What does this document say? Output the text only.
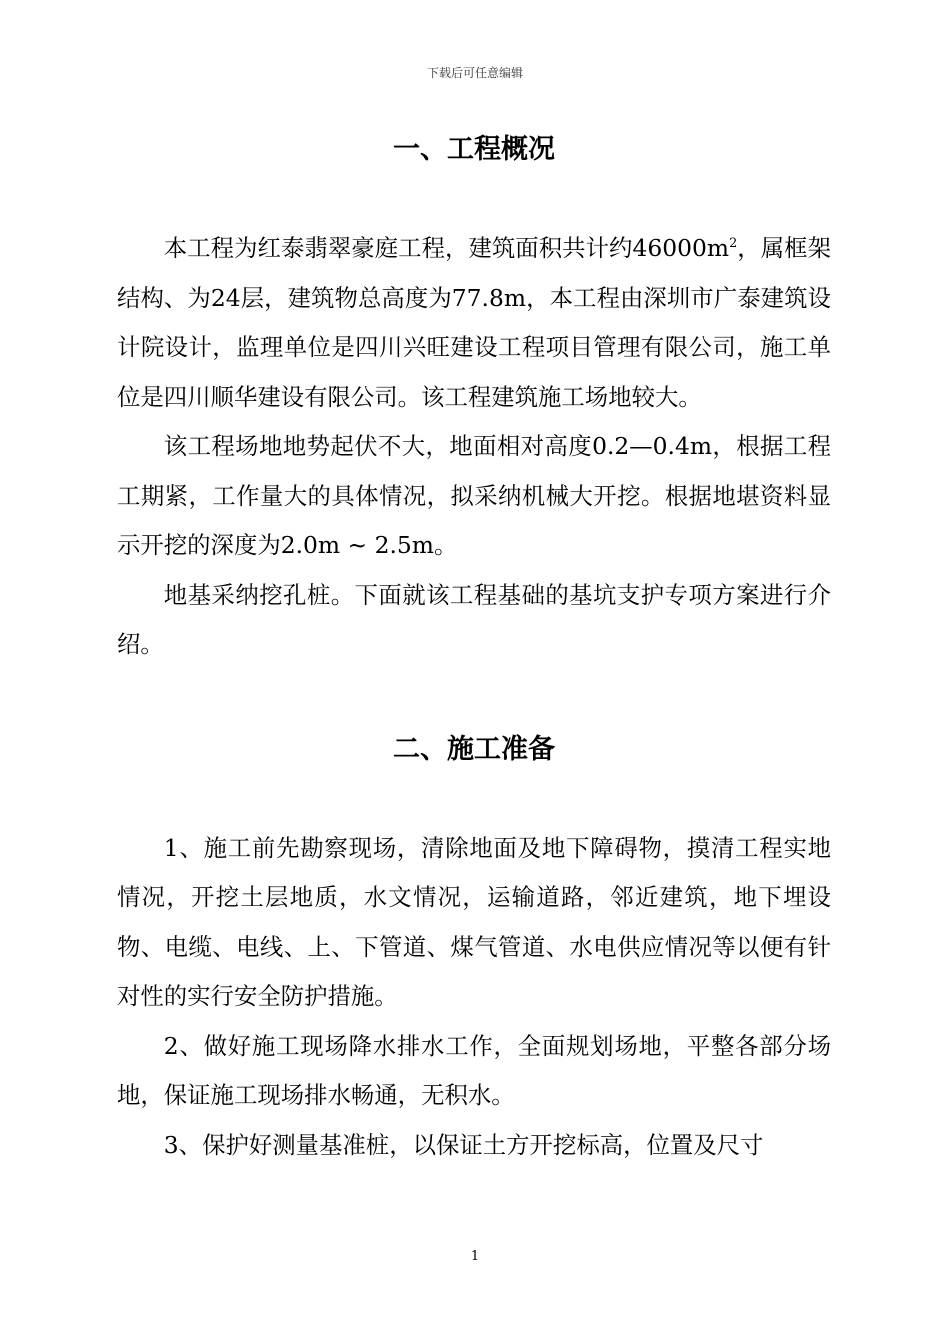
下载后可任意编辑
一、工程概况

本工程为红泰翡翠豪庭工程，建筑面积共计约$46000m^2$，属框架结构、为24层，建筑物总高度为77.8m，本工程由深圳市广泰建筑设计院设计，监理单位是四川兴旺建设工程项目管理有限公司，施工单位是四川顺华建设有限公司。该工程建筑施工场地较大。

该工程场地地势起伏不大，地面相对高度0.2—0.4m，根据工程工期紧，工作量大的具体情况，拟采纳机械大开挖。根据地堪资料显示开挖的深度为2.0m ~ 2.5m。

地基采纳挖孔桩。下面就该工程基础的基坑支护专项方案进行介绍。

二、施工准备

1、施工前先勘察现场，清除地面及地下障碍物，摸清工程实地情况，开挖土层地质，水文情况，运输道路，邻近建筑，地下埋设物、电缆、电线、上、下管道、煤气管道、水电供应情况等以便有针对性的实行安全防护措施。

2、做好施工现场降水排水工作，全面规划场地，平整各部分场地，保证施工现场排水畅通，无积水。

3、保护好测量基准桩，以保证土方开挖标高，位置及尺寸

1
